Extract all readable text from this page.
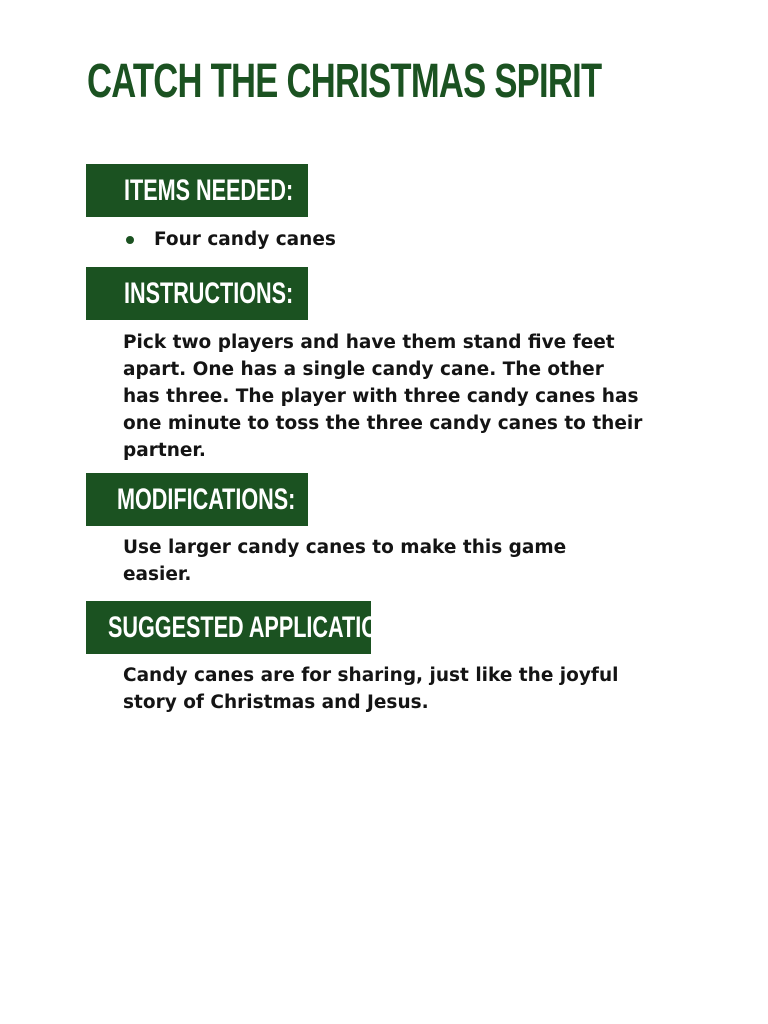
CATCH THE CHRISTMAS SPIRIT
ITEMS NEEDED:
Four candy canes
INSTRUCTIONS:

Pick two players and have them stand five feet apart. One has a single candy cane. The other has three. The player with three candy canes has one minute to toss the three candy canes to their partner.

MODIFICATIONS:

Use larger candy canes to make this game easier.

SUGGESTED APPLICATION:

Candy canes are for sharing, just like the joyful story of Christmas and Jesus.
